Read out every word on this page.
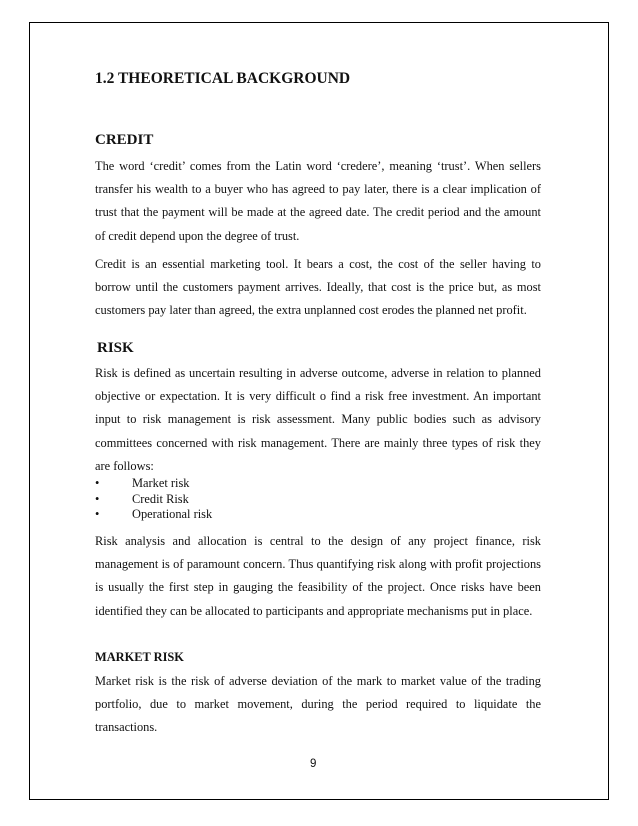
1.2 THEORETICAL BACKGROUND
CREDIT
The word ‘credit’ comes from the Latin word ‘credere’, meaning ‘trust’. When sellers transfer his wealth to a buyer who has agreed to pay later, there is a clear implication of trust that the payment will be made at the agreed date. The credit period and the amount of credit depend upon the degree of trust.
Credit is an essential marketing tool. It bears a cost, the cost of the seller having to borrow until the customers payment arrives. Ideally, that cost is the price but, as most customers pay later than agreed, the extra unplanned cost erodes the planned net profit.
RISK
Risk is defined as uncertain resulting in adverse outcome, adverse in relation to planned objective or expectation. It is very difficult o find a risk free investment. An important input to risk management is risk assessment. Many public bodies such as advisory committees concerned with risk management. There are mainly three types of risk they are follows:
•	Market risk
•	Credit Risk
•	Operational risk
Risk analysis and allocation is central to the design of any project finance, risk management is of paramount concern. Thus quantifying risk along with profit projections is usually the first step in gauging the feasibility of the project. Once risks have been identified they can be allocated to participants and appropriate mechanisms put in place.
MARKET RISK
Market risk is the risk of adverse deviation of the mark to market value of the trading portfolio, due to market movement, during the period required to liquidate the transactions.
9
